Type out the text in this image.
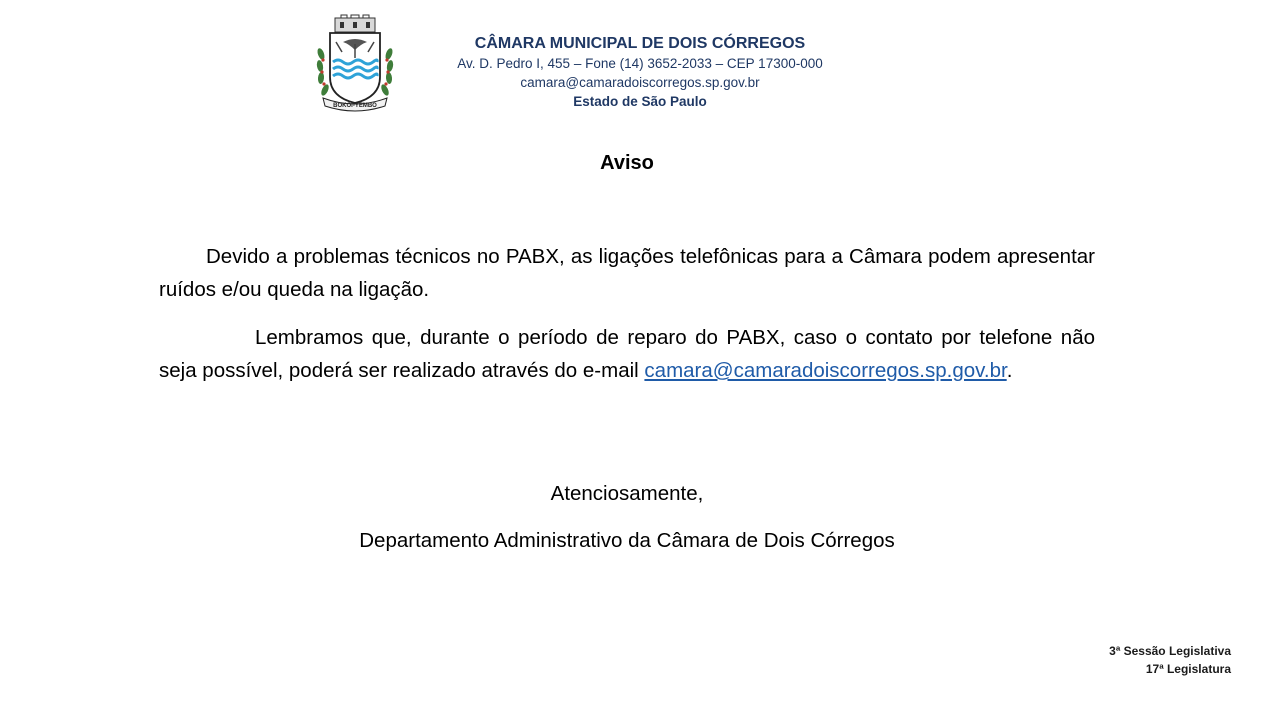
BOKOI-YEMBO
CÂMARA MUNICIPAL DE DOIS CÓRREGOS
Av. D. Pedro I, 455 – Fone (14) 3652-2033 – CEP 17300-000
camara@camaradoiscorregos.sp.gov.br
Estado de São Paulo
Aviso

Devido a problemas técnicos no PABX, as ligações telefônicas para a Câmara podem apresentar ruídos e/ou queda na ligação.

Lembramos que, durante o período de reparo do PABX, caso o contato por telefone não seja possível, poderá ser realizado através do e-mail camara@camaradoiscorregos.sp.gov.br.

Atenciosamente,
Departamento Administrativo da Câmara de Dois Córregos
3ª Sessão Legislativa
17ª Legislatura
